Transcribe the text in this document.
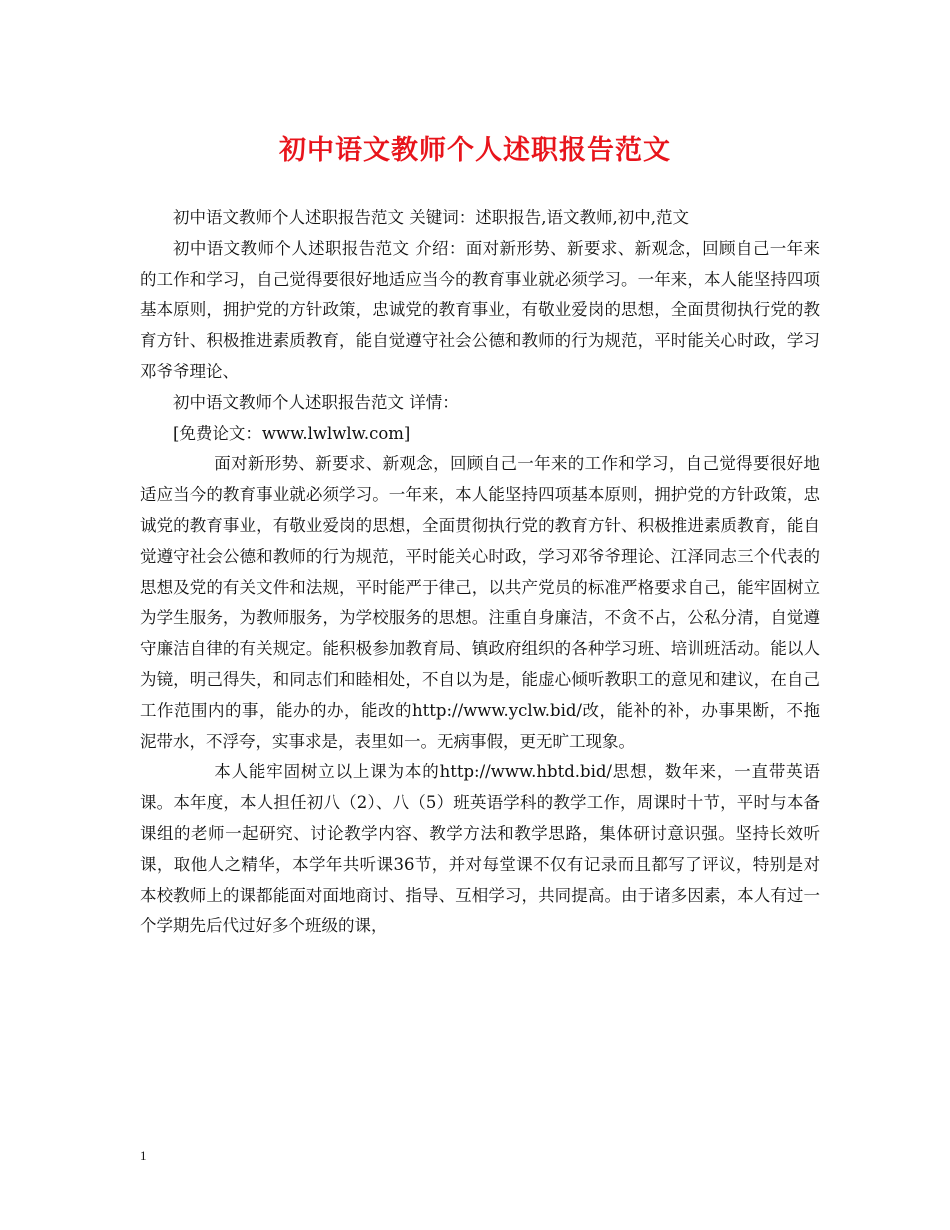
初中语文教师个人述职报告范文

初中语文教师个人述职报告范文 关键词：述职报告,语文教师,初中,范文

初中语文教师个人述职报告范文 介绍：面对新形势、新要求、新观念，回顾自己一年来的工作和学习，自己觉得要很好地适应当今的教育事业就必须学习。一年来，本人能坚持四项基本原则，拥护党的方针政策，忠诚党的教育事业，有敬业爱岗的思想，全面贯彻执行党的教育方针、积极推进素质教育，能自觉遵守社会公德和教师的行为规范，平时能关心时政，学习邓爷爷理论、

初中语文教师个人述职报告范文 详情：

[免费论文：www.lwlwlw.com]

面对新形势、新要求、新观念，回顾自己一年来的工作和学习，自己觉得要很好地适应当今的教育事业就必须学习。一年来，本人能坚持四项基本原则，拥护党的方针政策，忠诚党的教育事业，有敬业爱岗的思想，全面贯彻执行党的教育方针、积极推进素质教育，能自觉遵守社会公德和教师的行为规范，平时能关心时政，学习邓爷爷理论、江泽同志三个代表的思想及党的有关文件和法规，平时能严于律己，以共产党员的标准严格要求自己，能牢固树立为学生服务，为教师服务，为学校服务的思想。注重自身廉洁，不贪不占，公私分清，自觉遵守廉洁自律的有关规定。能积极参加教育局、镇政府组织的各种学习班、培训班活动。能以人为镜，明己得失，和同志们和睦相处，不自以为是，能虚心倾听教职工的意见和建议，在自己工作范围内的事，能办的办，能改的http://www.yclw.bid/改，能补的补，办事果断，不拖泥带水，不浮夸，实事求是，表里如一。无病事假，更无旷工现象。

本人能牢固树立以上课为本的http://www.hbtd.bid/思想，数年来，一直带英语课。本年度，本人担任初八（2）、八（5）班英语学科的教学工作，周课时十节，平时与本备课组的老师一起研究、讨论教学内容、教学方法和教学思路，集体研讨意识强。坚持长效听课，取他人之精华，本学年共听课36节，并对每堂课不仅有记录而且都写了评议，特别是对本校教师上的课都能面对面地商讨、指导、互相学习，共同提高。由于诸多因素，本人有过一个学期先后代过好多个班级的课，

1
